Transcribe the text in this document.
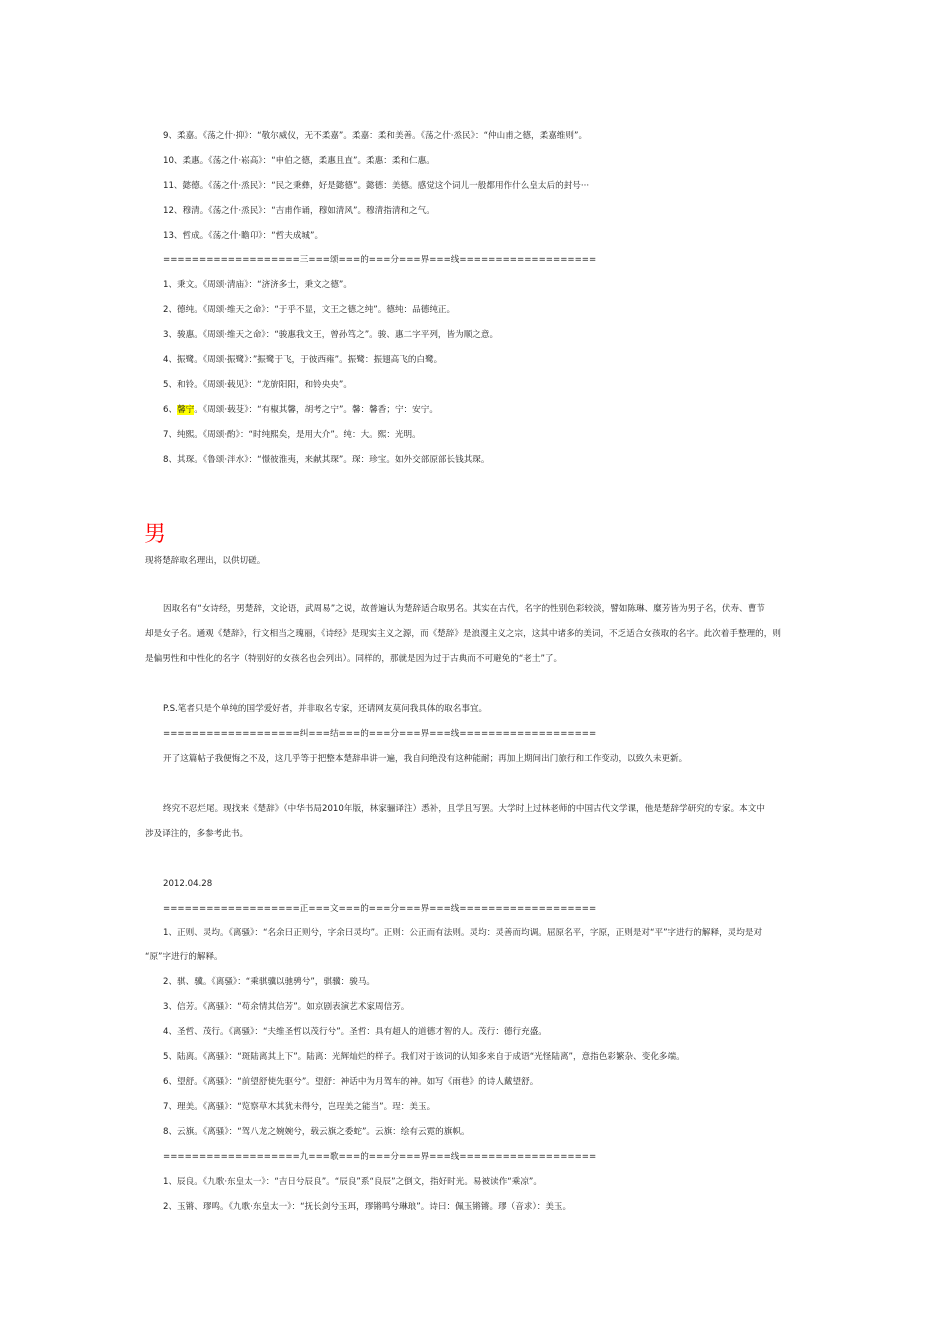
9、柔嘉。《荡之什·抑》：“敬尔威仪，无不柔嘉”。柔嘉：柔和美善。《荡之什·烝民》：“仲山甫之德，柔嘉维则”。
10、柔惠。《荡之什·崧高》：“申伯之德，柔惠且直”。柔惠：柔和仁惠。
11、懿德。《荡之什·烝民》：“民之秉彝，好是懿德”。懿德：美德。感觉这个词儿一般都用作什么皇太后的封号···
12、穆清。《荡之什·烝民》：“吉甫作诵，穆如清风”。穆清指清和之气。
13、哲成。《荡之什·瞻卬》：“哲夫成城”。
===================三===颂===的===分===界===线===================
1、秉文。《周颂·清庙》：“济济多士，秉文之德”。
2、德纯。《周颂·维天之命》：“于乎不显，文王之德之纯”。德纯：品德纯正。
3、骏惠。《周颂·维天之命》：“骏惠我文王，曾孙笃之”。骏、惠二字平列，皆为顺之意。
4、振鹭。《周颂·振鹭》：”振鹭于飞，于彼西雍”。振鹭：振翅高飞的白鹭。
5、和铃。《周颂·载见》：“龙旂阳阳，和铃央央”。
6、馨宁。《周颂·载芟》：“有椒其馨，胡考之宁”。馨：馨香；宁：安宁。
7、纯熙。《周颂·酌》：“时纯熙矣，是用大介”。纯：大。熙：光明。
8、其琛。《鲁颂·泮水》：“憬彼淮夷，来献其琛”。琛：珍宝。如外交部原部长钱其琛。
男
现将楚辞取名理出，以供切磋。
因取名有“女诗经，男楚辞，文论语，武周易”之说，故普遍认为楚辞适合取男名。其实在古代，名字的性别色彩较淡，譬如陈琳、糜芳皆为男子名，伏寿、曹节
却是女子名。通观《楚辞》，行文相当之瑰丽，《诗经》是现实主义之源，而《楚辞》是浪漫主义之宗，这其中诸多的美词，不乏适合女孩取的名字。此次着手整理的，则
是偏男性和中性化的名字（特别好的女孩名也会列出）。同样的，那就是因为过于古典而不可避免的“老土”了。
P.S.笔者只是个单纯的国学爱好者，并非取名专家，还请网友莫问我具体的取名事宜。
===================纠===结===的===分===界===线===================
开了这篇帖子我便悔之不及，这几乎等于把整本楚辞串讲一遍，我自问绝没有这种能耐；再加上期间出门旅行和工作变动，以致久未更新。
终究不忍烂尾。现找来《楚辞》（中华书局2010年版，林家骊译注）悉补，且学且写罢。大学时上过林老师的中国古代文学课，他是楚辞学研究的专家。本文中
涉及译注的，多参考此书。
2012.04.28
===================正===文===的===分===界===线===================
1、正则、灵均。《离骚》：“名余曰正则兮，字余曰灵均”。正则：公正而有法则。灵均：灵善而均调。屈原名平，字原，正则是对“平”字进行的解释，灵均是对
“原”字进行的解释。
2、骐、骥。《离骚》：“乘骐骥以驰骋兮”，骐骥：骏马。
3、信芳。《离骚》：“苟余情其信芳”。如京剧表演艺术家周信芳。
4、圣哲、茂行。《离骚》：“夫维圣哲以茂行兮”。圣哲：具有超人的道德才智的人。茂行：德行充盛。
5、陆离。《离骚》：“斑陆离其上下”。陆离：光辉灿烂的样子。我们对于该词的认知多来自于成语“光怪陆离”，意指色彩繁杂、变化多端。
6、望舒。《离骚》：“前望舒使先驱兮”。望舒：神话中为月驾车的神。如写《雨巷》的诗人戴望舒。
7、理美。《离骚》：“览察草木其犹未得兮，岂珵美之能当”。珵：美玉。
8、云旗。《离骚》：“驾八龙之婉婉兮，载云旗之委蛇”。云旗：绘有云霓的旗帜。
===================九===歌===的===分===界===线===================
1、辰良。《九歌·东皇太一》：“吉日兮辰良”。“辰良”系“良辰”之倒文，指好时光。易被读作“乘凉”。
2、玉锵、璆鸣。《九歌·东皇太一》：“抚长剑兮玉珥，璆锵鸣兮琳琅”。诗曰：佩玉锵锵。璆（音求）：美玉。
